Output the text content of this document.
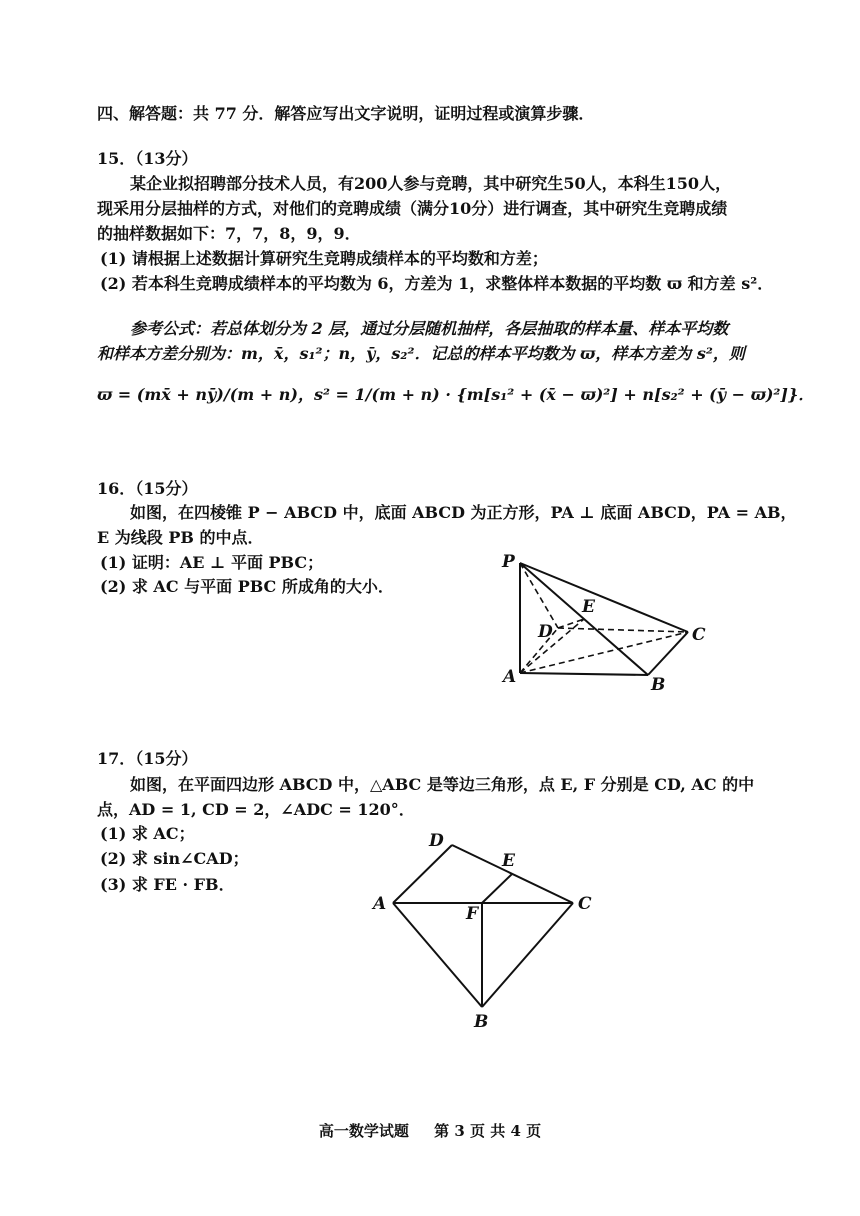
四、解答题：共 77 分．解答应写出文字说明，证明过程或演算步骤．
15．（13分）
某企业拟招聘部分技术人员，有200人参与竞聘，其中研究生50人，本科生150人，
现采用分层抽样的方式，对他们的竞聘成绩（满分10分）进行调查，其中研究生竞聘成绩
的抽样数据如下：7，7，8，9，9．
(1) 请根据上述数据计算研究生竞聘成绩样本的平均数和方差；
(2) 若本科生竞聘成绩样本的平均数为 6，方差为 1，求整体样本数据的平均数 ϖ 和方差 s²．
参考公式：若总体划分为 2 层，通过分层随机抽样，各层抽取的样本量、样本平均数
和样本方差分别为：m，x̄，s₁²；n，ȳ，s₂²．记总的样本平均数为 ϖ，样本方差为 s²，则
ϖ = (mx̄ + nȳ)/(m + n)，s² = 1/(m + n) · {m[s₁² + (x̄ − ϖ)²] + n[s₂² + (ȳ − ϖ)²]}．
16．（15分）
如图，在四棱锥 P − ABCD 中，底面 ABCD 为正方形，PA ⊥ 底面 ABCD，PA = AB，
E 为线段 PB 的中点．
(1) 证明：AE ⊥ 平面 PBC；
(2) 求 AC 与平面 PBC 所成角的大小．
P
A	B
C
D
E
17．（15分）
如图，在平面四边形 ABCD 中，△ABC 是等边三角形，点 E, F 分别是 CD, AC 的中
点，AD = 1, CD = 2，∠ADC = 120°．
(1) 求 AC；
(2) 求 sin∠CAD；
(3) 求 FE · FB．
D
E
A	C
F
B
高一数学试题 第 3 页 共 4 页
